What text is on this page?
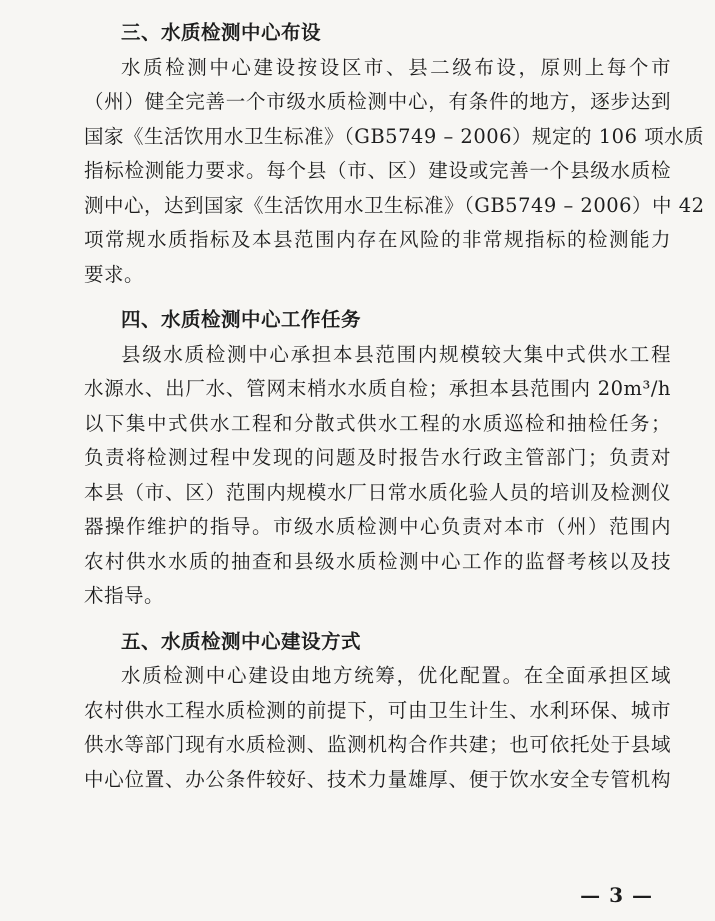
三、水质检测中心布设
水质检测中心建设按设区市、县二级布设，原则上每个市
（州）健全完善一个市级水质检测中心，有条件的地方，逐步达到
国家《生活饮用水卫生标准》（GB5749 – 2006）规定的 106 项水质
指标检测能力要求。每个县（市、区）建设或完善一个县级水质检
测中心，达到国家《生活饮用水卫生标准》（GB5749 – 2006）中 42
项常规水质指标及本县范围内存在风险的非常规指标的检测能力
要求。
四、水质检测中心工作任务
县级水质检测中心承担本县范围内规模较大集中式供水工程
水源水、出厂水、管网末梢水水质自检；承担本县范围内 20m³/h
以下集中式供水工程和分散式供水工程的水质巡检和抽检任务；
负责将检测过程中发现的问题及时报告水行政主管部门；负责对
本县（市、区）范围内规模水厂日常水质化验人员的培训及检测仪
器操作维护的指导。市级水质检测中心负责对本市（州）范围内
农村供水水质的抽查和县级水质检测中心工作的监督考核以及技
术指导。
五、水质检测中心建设方式
水质检测中心建设由地方统筹，优化配置。在全面承担区域
农村供水工程水质检测的前提下，可由卫生计生、水利环保、城市
供水等部门现有水质检测、监测机构合作共建；也可依托处于县域
中心位置、办公条件较好、技术力量雄厚、便于饮水安全专管机构
— 3 —
